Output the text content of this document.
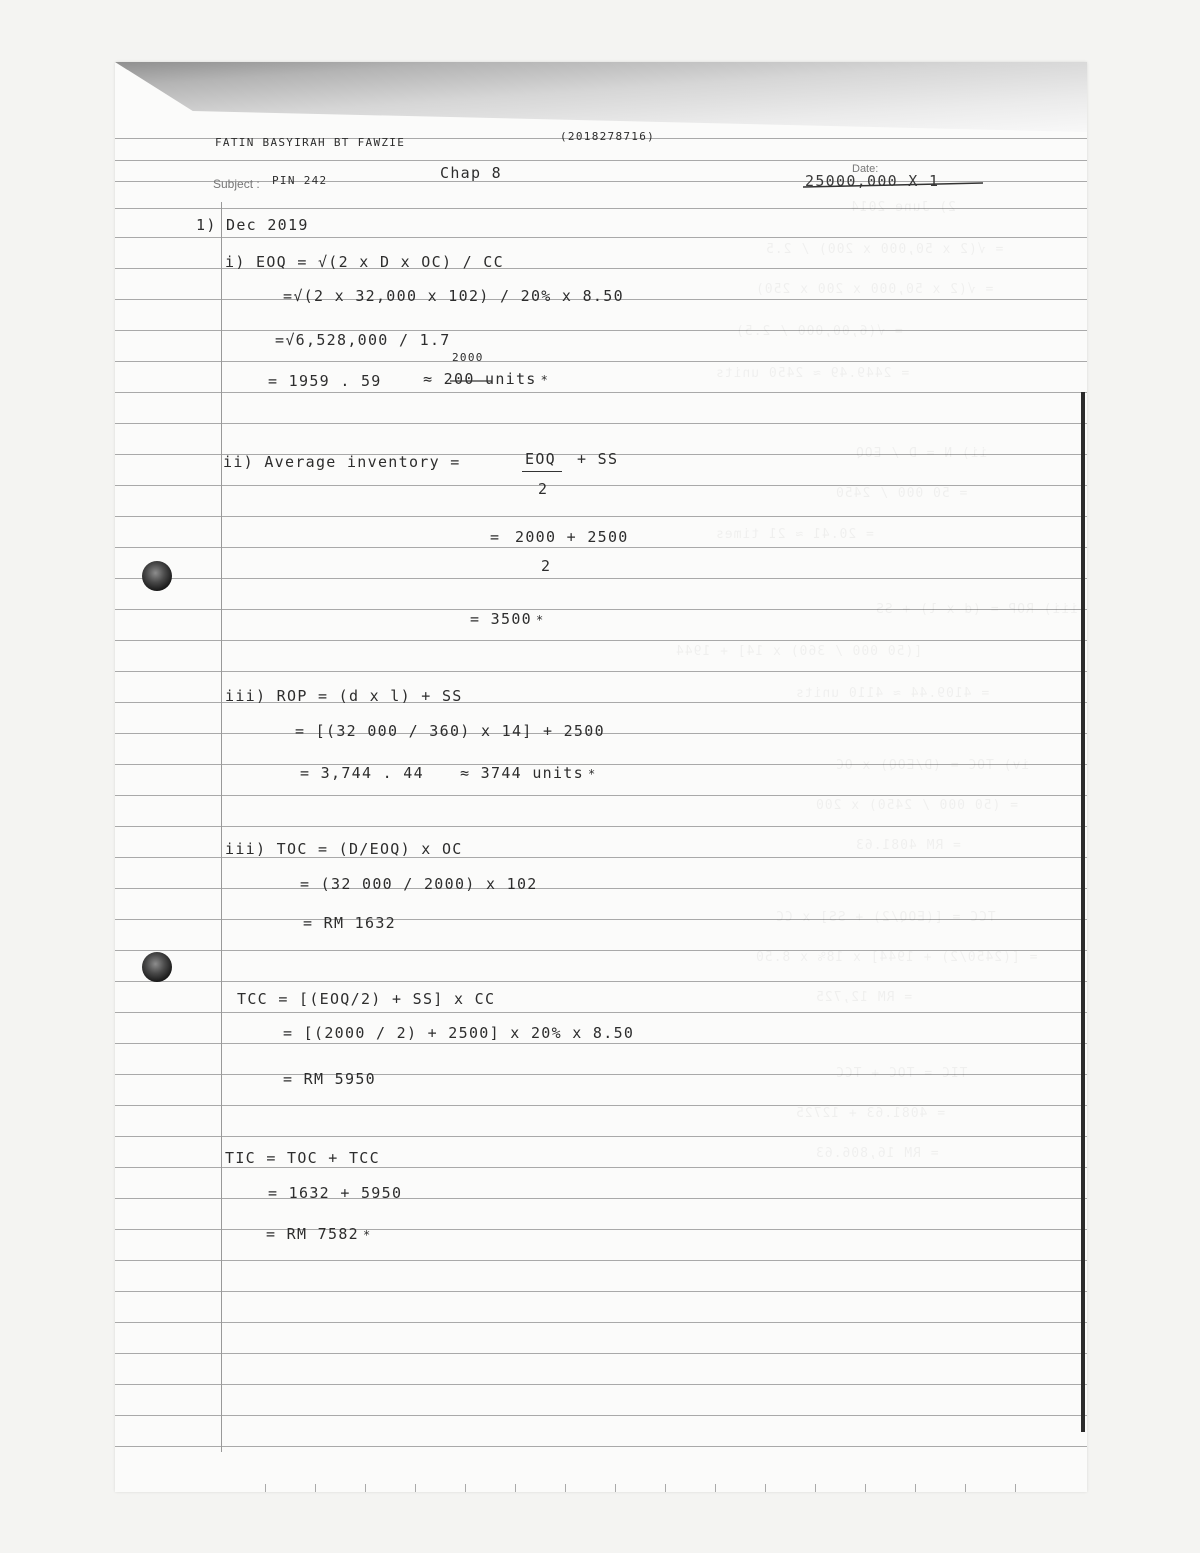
FATIN BASYIRAH BT FAWZIE	(2018278716)
Subject : PIN 242	Chap 8	Date:
25000,000 X 1
1) Dec 2019
i) EOQ = √(2 x D x OC) / CC
=√(2 x 32,000 x 102) / 20% x 8.50
=√6,528,000 / 1.7
2000
= 1959 . 59	≈ 200 units *
ii) Average inventory =	EOQ
2
+ SS
= 2000 + 2500
2
= 3500 *
iii) ROP = (d x l) + SS
= [(32 000 / 360) x 14] + 2500
= 3,744 . 44 ≈ 3744 units *
iii) TOC = (D/EOQ) x OC
= (32 000 / 2000) x 102
= RM 1632
TCC = [(EOQ/2) + SS] x CC
= [(2000 / 2) + 2500] x 20% x 8.50
= RM 5950
TIC = TOC + TCC
= 1632 + 5950
= RM 7582 *
